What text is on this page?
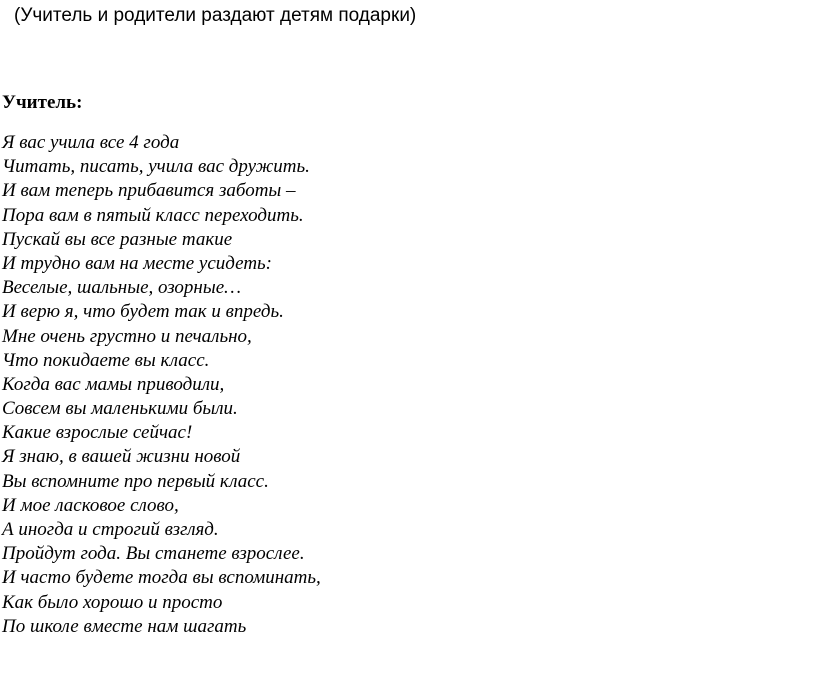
(Учитель и родители раздают детям подарки)
Учитель:
Я вас учила все 4 года
Читать, писать, учила вас дружить.
И вам теперь прибавится заботы –
Пора вам в пятый класс переходить.
Пускай вы все разные такие
И трудно вам на месте усидеть:
Веселые, шальные, озорные…
И верю я, что будет так и впредь.
Мне очень грустно и печально,
Что покидаете вы класс.
Когда вас мамы приводили,
Совсем вы маленькими были.
Какие взрослые сейчас!
Я знаю, в вашей жизни новой
Вы вспомните про первый класс.
И мое ласковое слово,
А иногда и строгий взгляд.
Пройдут года. Вы станете взрослее.
И часто будете тогда вы вспоминать,
Как было хорошо и просто
По школе вместе нам шагать
